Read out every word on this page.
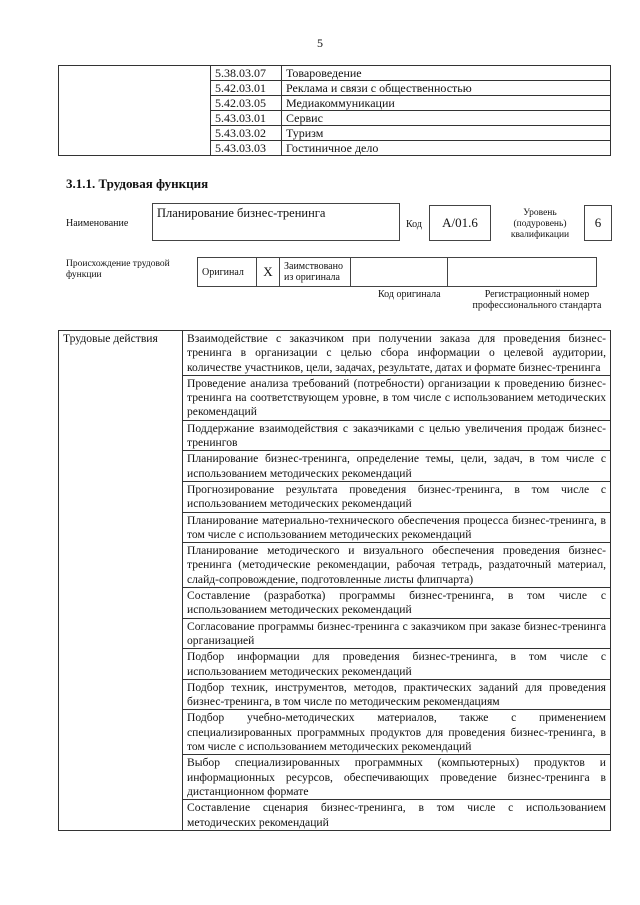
5
	5.38.03.07	Товароведение
	5.42.03.01	Реклама и связи с общественностью
	5.42.03.05	Медиакоммуникации
	5.43.03.01	Сервис
	5.43.03.02	Туризм
	5.43.03.03	Гостиничное дело
3.1.1. Трудовая функция
Наименование
Планирование бизнес-тренинга
Код	A/01.6
Уровень (подуровень) квалификации
6
Происхождение трудовой функции	Оригинал	X	Заимствовано из оригинала		
Код оригинала	Регистрационный номер профессионального стандарта
Трудовые действия	Взаимодействие с заказчиком при получении заказа для проведения бизнес-тренинга в организации с целью сбора информации о целевой аудитории, количестве участников, цели, задачах, результате, датах и формате бизнес-тренинга
Проведение анализа требований (потребности) организации к проведению бизнес-тренинга на соответствующем уровне, в том числе с использованием методических рекомендаций
Поддержание взаимодействия с заказчиками с целью увеличения продаж бизнес-тренингов
Планирование бизнес-тренинга, определение темы, цели, задач, в том числе с использованием методических рекомендаций
Прогнозирование результата проведения бизнес-тренинга, в том числе с использованием методических рекомендаций
Планирование материально-технического обеспечения процесса бизнес-тренинга, в том числе с использованием методических рекомендаций
Планирование методического и визуального обеспечения проведения бизнес-тренинга (методические рекомендации, рабочая тетрадь, раздаточный материал, слайд-сопровождение, подготовленные листы флипчарта)
Составление (разработка) программы бизнес-тренинга, в том числе с использованием методических рекомендаций
Согласование программы бизнес-тренинга с заказчиком при заказе бизнес-тренинга организацией
Подбор информации для проведения бизнес-тренинга, в том числе с использованием методических рекомендаций
Подбор техник, инструментов, методов, практических заданий для проведения бизнес-тренинга, в том числе по методическим рекомендациям
Подбор учебно-методических материалов, также с применением специализированных программных продуктов для проведения бизнес-тренинга, в том числе с использованием методических рекомендаций
Выбор специализированных программных (компьютерных) продуктов и информационных ресурсов, обеспечивающих проведение бизнес-тренинга в дистанционном формате
Составление сценария бизнес-тренинга, в том числе с использованием методических рекомендаций
